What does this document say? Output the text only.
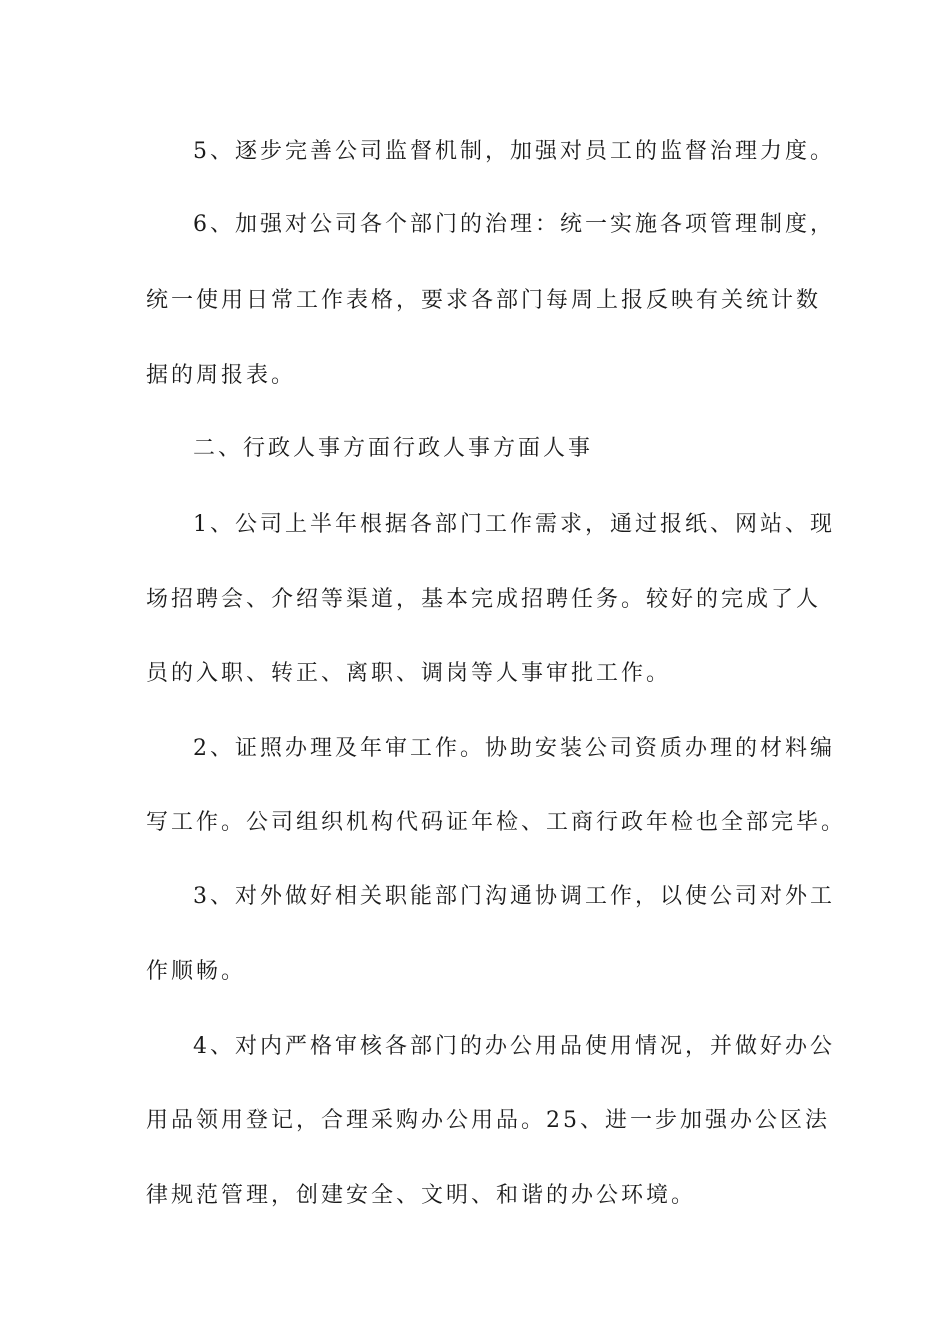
5、逐步完善公司监督机制，加强对员工的监督治理力度。
6、加强对公司各个部门的治理：统一实施各项管理制度，
统一使用日常工作表格，要求各部门每周上报反映有关统计数
据的周报表。
二、行政人事方面行政人事方面人事
1、公司上半年根据各部门工作需求，通过报纸、网站、现
场招聘会、介绍等渠道，基本完成招聘任务。较好的完成了人
员的入职、转正、离职、调岗等人事审批工作。
2、证照办理及年审工作。协助安装公司资质办理的材料编
写工作。公司组织机构代码证年检、工商行政年检也全部完毕。
3、对外做好相关职能部门沟通协调工作，以使公司对外工
作顺畅。
4、对内严格审核各部门的办公用品使用情况，并做好办公
用品领用登记，合理采购办公用品。25、进一步加强办公区法
律规范管理，创建安全、文明、和谐的办公环境。
